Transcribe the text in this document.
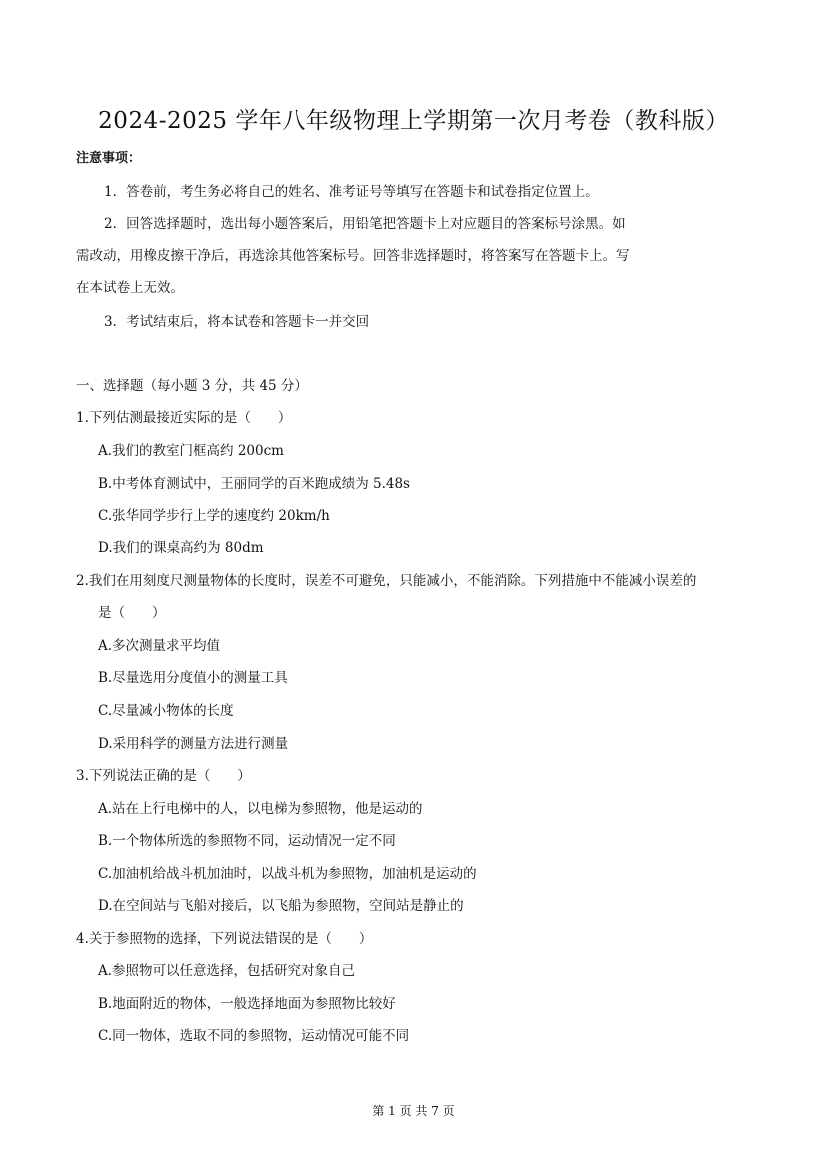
2024-2025 学年八年级物理上学期第一次月考卷（教科版）
注意事项：
1．答卷前，考生务必将自己的姓名、准考证号等填写在答题卡和试卷指定位置上。
2．回答选择题时，选出每小题答案后，用铅笔把答题卡上对应题目的答案标号涂黑。如
需改动，用橡皮擦干净后，再选涂其他答案标号。回答非选择题时，将答案写在答题卡上。写
在本试卷上无效。
3．考试结束后，将本试卷和答题卡一并交回
一、选择题（每小题 3 分，共 45 分）
1.下列估测最接近实际的是（　　）
A.我们的教室门框高约 200cm
B.中考体育测试中，王丽同学的百米跑成绩为 5.48s
C.张华同学步行上学的速度约 20km/h
D.我们的课桌高约为 80dm
2.我们在用刻度尺测量物体的长度时，误差不可避免，只能减小，不能消除。下列措施中不能减小误差的
是（　　）
A.多次测量求平均值
B.尽量选用分度值小的测量工具
C.尽量减小物体的长度
D.采用科学的测量方法进行测量
3.下列说法正确的是（　　）
A.站在上行电梯中的人，以电梯为参照物，他是运动的
B.一个物体所选的参照物不同，运动情况一定不同
C.加油机给战斗机加油时，以战斗机为参照物，加油机是运动的
D.在空间站与飞船对接后，以飞船为参照物，空间站是静止的
4.关于参照物的选择，下列说法错误的是（　　）
A.参照物可以任意选择，包括研究对象自己
B.地面附近的物体，一般选择地面为参照物比较好
C.同一物体，选取不同的参照物，运动情况可能不同
第 1 页 共 7 页
